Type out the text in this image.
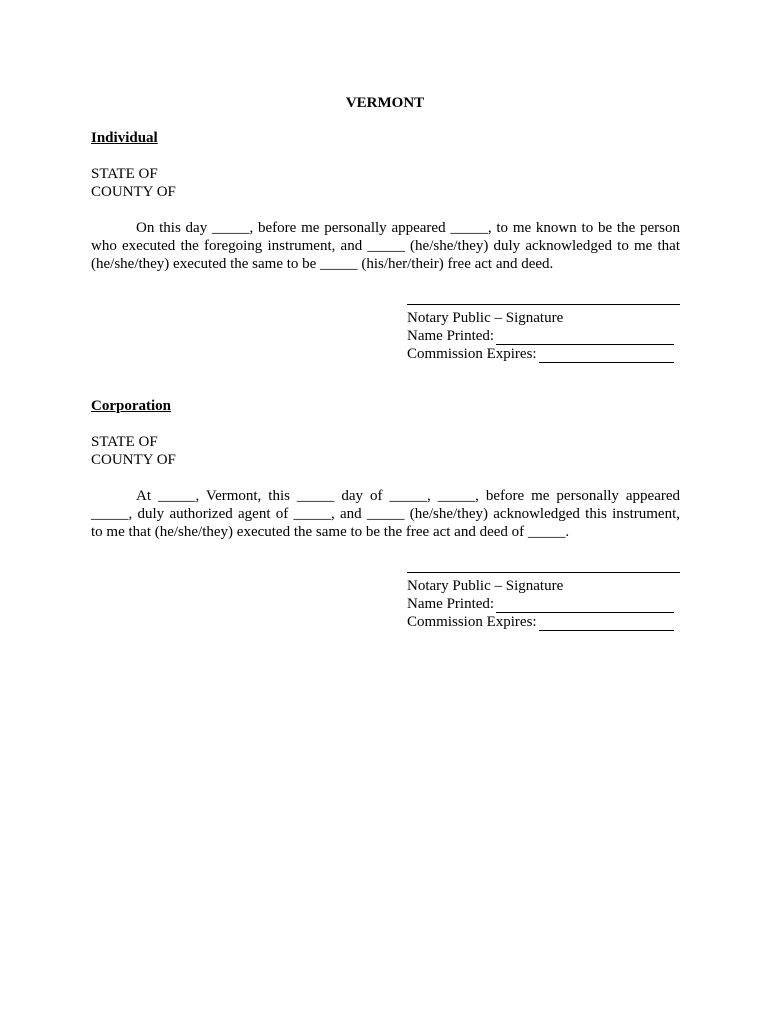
VERMONT
Individual
STATE OF
COUNTY OF
On this day _____, before me personally appeared _____, to me known to be the person
who executed the foregoing instrument, and _____ (he/she/they) duly acknowledged to me that
(he/she/they) executed the same to be _____ (his/her/their) free act and deed.
Notary Public – Signature
Name Printed:
Commission Expires:
Corporation
STATE OF
COUNTY OF
At _____, Vermont, this _____ day of _____, _____, before me personally appeared
_____, duly authorized agent of _____, and _____ (he/she/they) acknowledged this instrument,
to me that (he/she/they) executed the same to be the free act and deed of _____.
Notary Public – Signature
Name Printed:
Commission Expires:
